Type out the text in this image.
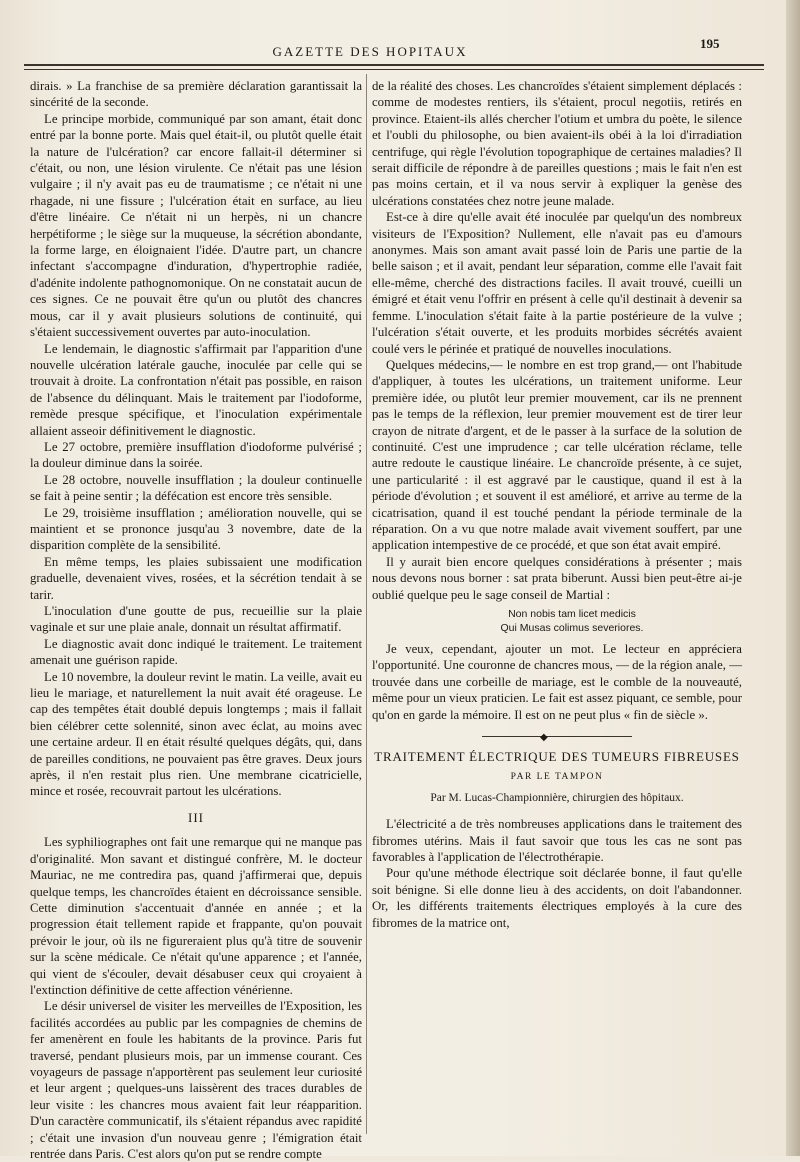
GAZETTE DES HOPITAUX
195

dirais. » La franchise de sa première déclaration garantissait la sincérité de la seconde.

Le principe morbide, communiqué par son amant, était donc entré par la bonne porte. Mais quel était-il, ou plutôt quelle était la nature de l'ulcération? car encore fallait-il déterminer si c'était, ou non, une lésion virulente. Ce n'était pas une lésion vulgaire ; il n'y avait pas eu de traumatisme ; ce n'était ni une rhagade, ni une fissure ; l'ulcération était en surface, au lieu d'être linéaire. Ce n'était ni un herpès, ni un chancre herpétiforme ; le siège sur la muqueuse, la sécrétion abondante, la forme large, en éloignaient l'idée. D'autre part, un chancre infectant s'accompagne d'induration, d'hypertrophie radiée, d'adénite indolente pathognomonique. On ne constatait aucun de ces signes. Ce ne pouvait être qu'un ou plutôt des chancres mous, car il y avait plusieurs solutions de continuité, qui s'étaient successivement ouvertes par auto-inoculation.

Le lendemain, le diagnostic s'affirmait par l'apparition d'une nouvelle ulcération latérale gauche, inoculée par celle qui se trouvait à droite. La confrontation n'était pas possible, en raison de l'absence du délinquant. Mais le traitement par l'iodoforme, remède presque spécifique, et l'inoculation expérimentale allaient asseoir définitivement le diagnostic.

Le 27 octobre, première insufflation d'iodoforme pulvérisé ; la douleur diminue dans la soirée.

Le 28 octobre, nouvelle insufflation ; la douleur continuelle se fait à peine sentir ; la défécation est encore très sensible.

Le 29, troisième insufflation ; amélioration nouvelle, qui se maintient et se prononce jusqu'au 3 novembre, date de la disparition complète de la sensibilité.

En même temps, les plaies subissaient une modification graduelle, devenaient vives, rosées, et la sécrétion tendait à se tarir.

L'inoculation d'une goutte de pus, recueillie sur la plaie vaginale et sur une plaie anale, donnait un résultat affirmatif.

Le diagnostic avait donc indiqué le traitement. Le traitement amenait une guérison rapide.

Le 10 novembre, la douleur revint le matin. La veille, avait eu lieu le mariage, et naturellement la nuit avait été orageuse. Le cap des tempêtes était doublé depuis longtemps ; mais il fallait bien célébrer cette solennité, sinon avec éclat, au moins avec une certaine ardeur. Il en était résulté quelques dégâts, qui, dans de pareilles conditions, ne pouvaient pas être graves. Deux jours après, il n'en restait plus rien. Une membrane cicatricielle, mince et rosée, recouvrait partout les ulcérations.

III

Les syphiliographes ont fait une remarque qui ne manque pas d'originalité. Mon savant et distingué confrère, M. le docteur Mauriac, ne me contredira pas, quand j'affirmerai que, depuis quelque temps, les chancroïdes étaient en décroissance sensible. Cette diminution s'accentuait d'année en année ; et la progression était tellement rapide et frappante, qu'on pouvait prévoir le jour, où ils ne figureraient plus qu'à titre de souvenir sur la scène médicale. Ce n'était qu'une apparence ; et l'année, qui vient de s'écouler, devait désabuser ceux qui croyaient à l'extinction définitive de cette affection vénérienne.

Le désir universel de visiter les merveilles de l'Exposition, les facilités accordées au public par les compagnies de chemins de fer amenèrent en foule les habitants de la province. Paris fut traversé, pendant plusieurs mois, par un immense courant. Ces voyageurs de passage n'apportèrent pas seulement leur curiosité et leur argent ; quelques-uns laissèrent des traces durables de leur visite : les chancres mous avaient fait leur réapparition. D'un caractère communicatif, ils s'étaient répandus avec rapidité ; c'était une invasion d'un nouveau genre ; l'émigration était rentrée dans Paris. C'est alors qu'on put se rendre compte

de la réalité des choses. Les chancroïdes s'étaient simplement déplacés : comme de modestes rentiers, ils s'étaient, procul negotiis, retirés en province. Etaient-ils allés chercher l'otium et umbra du poète, le silence et l'oubli du philosophe, ou bien avaient-ils obéi à la loi d'irradiation centrifuge, qui règle l'évolution topographique de certaines maladies? Il serait difficile de répondre à de pareilles questions ; mais le fait n'en est pas moins certain, et il va nous servir à expliquer la genèse des ulcérations constatées chez notre jeune malade.

Est-ce à dire qu'elle avait été inoculée par quelqu'un des nombreux visiteurs de l'Exposition? Nullement, elle n'avait pas eu d'amours anonymes. Mais son amant avait passé loin de Paris une partie de la belle saison ; et il avait, pendant leur séparation, comme elle l'avait fait elle-même, cherché des distractions faciles. Il avait trouvé, cueilli un émigré et était venu l'offrir en présent à celle qu'il destinait à devenir sa femme. L'inoculation s'était faite à la partie postérieure de la vulve ; l'ulcération s'était ouverte, et les produits morbides sécrétés avaient coulé vers le périnée et pratiqué de nouvelles inoculations.

Quelques médecins,— le nombre en est trop grand,— ont l'habitude d'appliquer, à toutes les ulcérations, un traitement uniforme. Leur première idée, ou plutôt leur premier mouvement, car ils ne prennent pas le temps de la réflexion, leur premier mouvement est de tirer leur crayon de nitrate d'argent, et de le passer à la surface de la solution de continuité. C'est une imprudence ; car telle ulcération réclame, telle autre redoute le caustique linéaire. Le chancroïde présente, à ce sujet, une particularité : il est aggravé par le caustique, quand il est à la période d'évolution ; et souvent il est amélioré, et arrive au terme de la cicatrisation, quand il est touché pendant la période terminale de la réparation. On a vu que notre malade avait vivement souffert, par une application intempestive de ce procédé, et que son état avait empiré.

Il y aurait bien encore quelques considérations à présenter ; mais nous devons nous borner : sat prata biberunt. Aussi bien peut-être ai-je oublié quelque peu le sage conseil de Martial :

Non nobis tam licet medicis
Qui Musas colimus severiores.

Je veux, cependant, ajouter un mot. Le lecteur en appréciera l'opportunité. Une couronne de chancres mous, — de la région anale, — trouvée dans une corbeille de mariage, est le comble de la nouveauté, même pour un vieux praticien. Le fait est assez piquant, ce semble, pour qu'on en garde la mémoire. Il est on ne peut plus « fin de siècle ».

◆
TRAITEMENT ÉLECTRIQUE DES TUMEURS FIBREUSES
PAR LE TAMPON
Par M. Lucas-Championnière, chirurgien des hôpitaux.

L'électricité a de très nombreuses applications dans le traitement des fibromes utérins. Mais il faut savoir que tous les cas ne sont pas favorables à l'application de l'électrothérapie.

Pour qu'une méthode électrique soit déclarée bonne, il faut qu'elle soit bénigne. Si elle donne lieu à des accidents, on doit l'abandonner. Or, les différents traitements électriques employés à la cure des fibromes de la matrice ont,
